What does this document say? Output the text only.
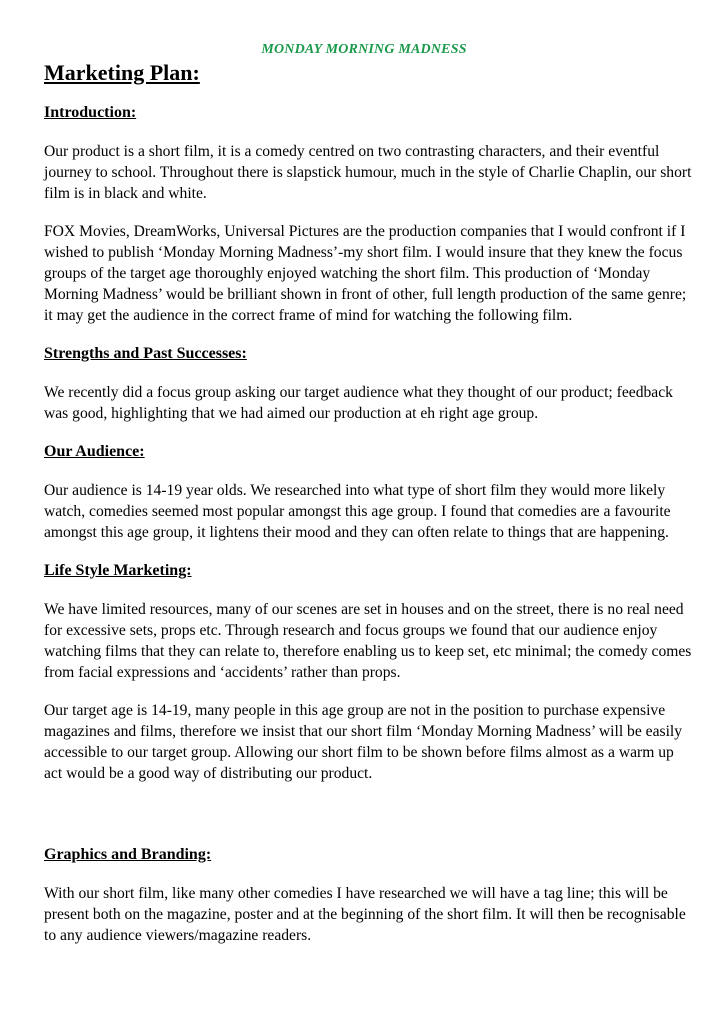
MONDAY MORNING MADNESS
Marketing Plan:
Introduction:

Our product is a short film, it is a comedy centred on two contrasting characters, and their eventful journey to school. Throughout there is slapstick humour, much in the style of Charlie Chaplin, our short film is in black and white.

FOX Movies, DreamWorks, Universal Pictures are the production companies that I would confront if I wished to publish ‘Monday Morning Madness’-my short film. I would insure that they knew the focus groups of the target age thoroughly enjoyed watching the short film. This production of ‘Monday Morning Madness’ would be brilliant shown in front of other, full length production of the same genre; it may get the audience in the correct frame of mind for watching the following film.

Strengths and Past Successes:

We recently did a focus group asking our target audience what they thought of our product; feedback was good, highlighting that we had aimed our production at eh right age group.

Our Audience:

Our audience is 14-19 year olds. We researched into what type of short film they would more likely watch, comedies seemed most popular amongst this age group. I found that comedies are a favourite amongst this age group, it lightens their mood and they can often relate to things that are happening.

Life Style Marketing:

We have limited resources, many of our scenes are set in houses and on the street, there is no real need for excessive sets, props etc. Through research and focus groups we found that our audience enjoy watching films that they can relate to, therefore enabling us to keep set, etc minimal; the comedy comes from facial expressions and ‘accidents’ rather than props.

Our target age is 14-19, many people in this age group are not in the position to purchase expensive magazines and films, therefore we insist that our short film ‘Monday Morning Madness’ will be easily accessible to our target group. Allowing our short film to be shown before films almost as a warm up act would be a good way of distributing our product.

Graphics and Branding:

With our short film, like many other comedies I have researched we will have a tag line; this will be present both on the magazine, poster and at the beginning of the short film. It will then be recognisable to any audience viewers/magazine readers.
